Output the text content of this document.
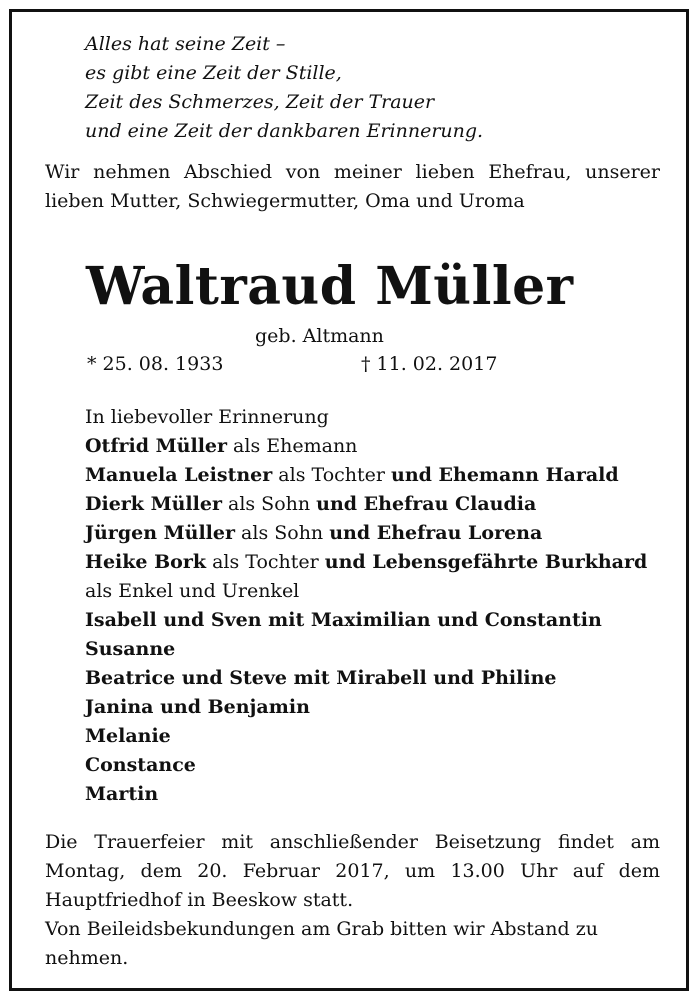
Alles hat seine Zeit –
es gibt eine Zeit der Stille,
Zeit des Schmerzes, Zeit der Trauer
und eine Zeit der dankbaren Erinnerung.
Wir nehmen Abschied von meiner lieben Ehefrau, unserer lieben Mutter, Schwiegermutter, Oma und Uroma
Waltraud Müller
geb. Altmann
* 25. 08. 1933	† 11. 02. 2017
In liebevoller Erinnerung
Otfrid Müller als Ehemann
Manuela Leistner als Tochter und Ehemann Harald
Dierk Müller als Sohn und Ehefrau Claudia
Jürgen Müller als Sohn und Ehefrau Lorena
Heike Bork als Tochter und Lebensgefährte Burkhard
als Enkel und Urenkel
Isabell und Sven mit Maximilian und Constantin
Susanne
Beatrice und Steve mit Mirabell und Philine
Janina und Benjamin
Melanie
Constance
Martin
Die Trauerfeier mit anschließender Beisetzung findet am Montag, dem 20. Februar 2017, um 13.00 Uhr auf dem Hauptfriedhof in Beeskow statt.
Von Beileidsbekundungen am Grab bitten wir Abstand zu nehmen.
